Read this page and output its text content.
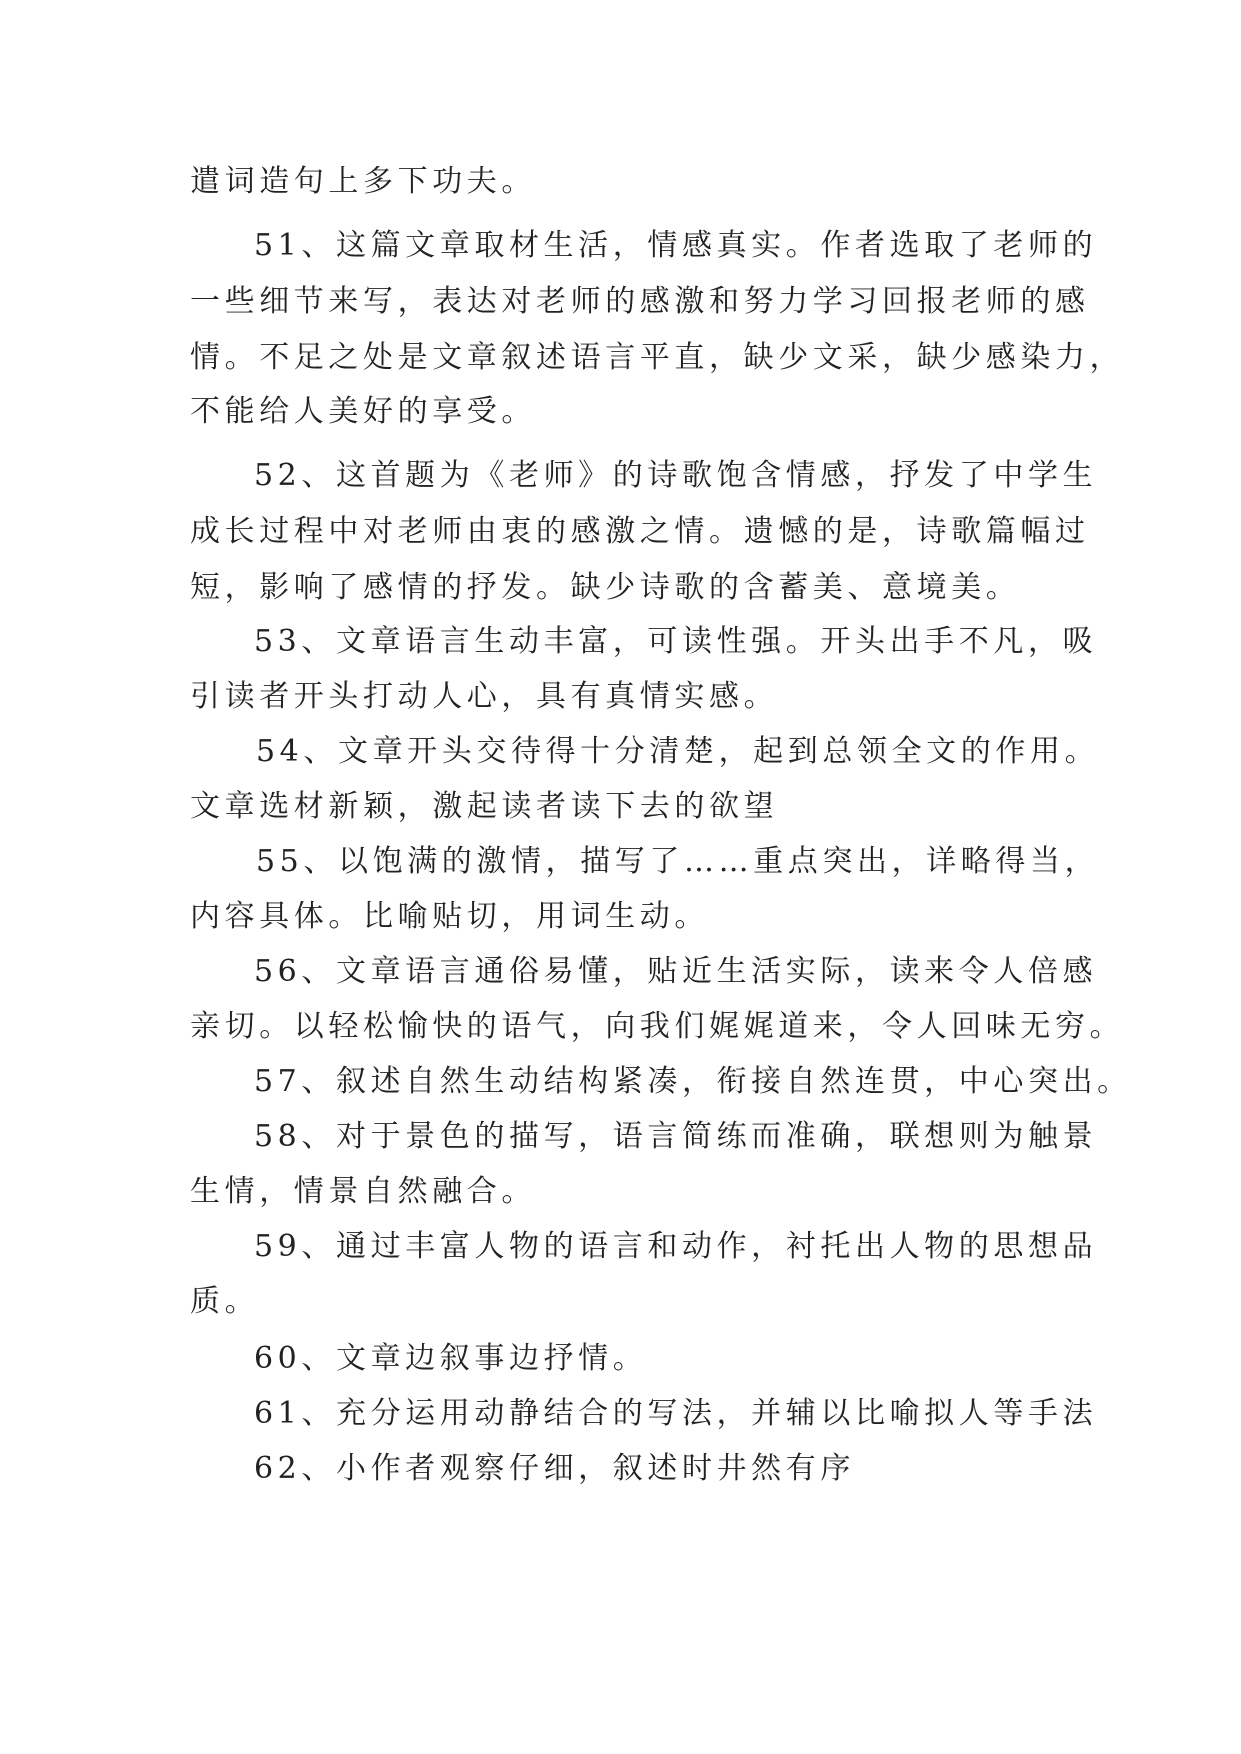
遣词造句上多下功夫。
51、这篇文章取材生活，情感真实。作者选取了老师的
一些细节来写，表达对老师的感激和努力学习回报老师的感
情。不足之处是文章叙述语言平直，缺少文采，缺少感染力，
不能给人美好的享受。
52、这首题为《老师》的诗歌饱含情感，抒发了中学生
成长过程中对老师由衷的感激之情。遗憾的是，诗歌篇幅过
短，影响了感情的抒发。缺少诗歌的含蓄美、意境美。
53、文章语言生动丰富，可读性强。开头出手不凡，吸
引读者开头打动人心，具有真情实感。
54、文章开头交待得十分清楚，起到总领全文的作用。
文章选材新颖，激起读者读下去的欲望
55、以饱满的激情，描写了……重点突出，详略得当，
内容具体。比喻贴切，用词生动。
56、文章语言通俗易懂，贴近生活实际，读来令人倍感
亲切。以轻松愉快的语气，向我们娓娓道来，令人回味无穷。
57、叙述自然生动结构紧凑，衔接自然连贯，中心突出。
58、对于景色的描写，语言简练而准确，联想则为触景
生情，情景自然融合。
59、通过丰富人物的语言和动作，衬托出人物的思想品
质。
60、文章边叙事边抒情。
61、充分运用动静结合的写法，并辅以比喻拟人等手法
62、小作者观察仔细，叙述时井然有序
